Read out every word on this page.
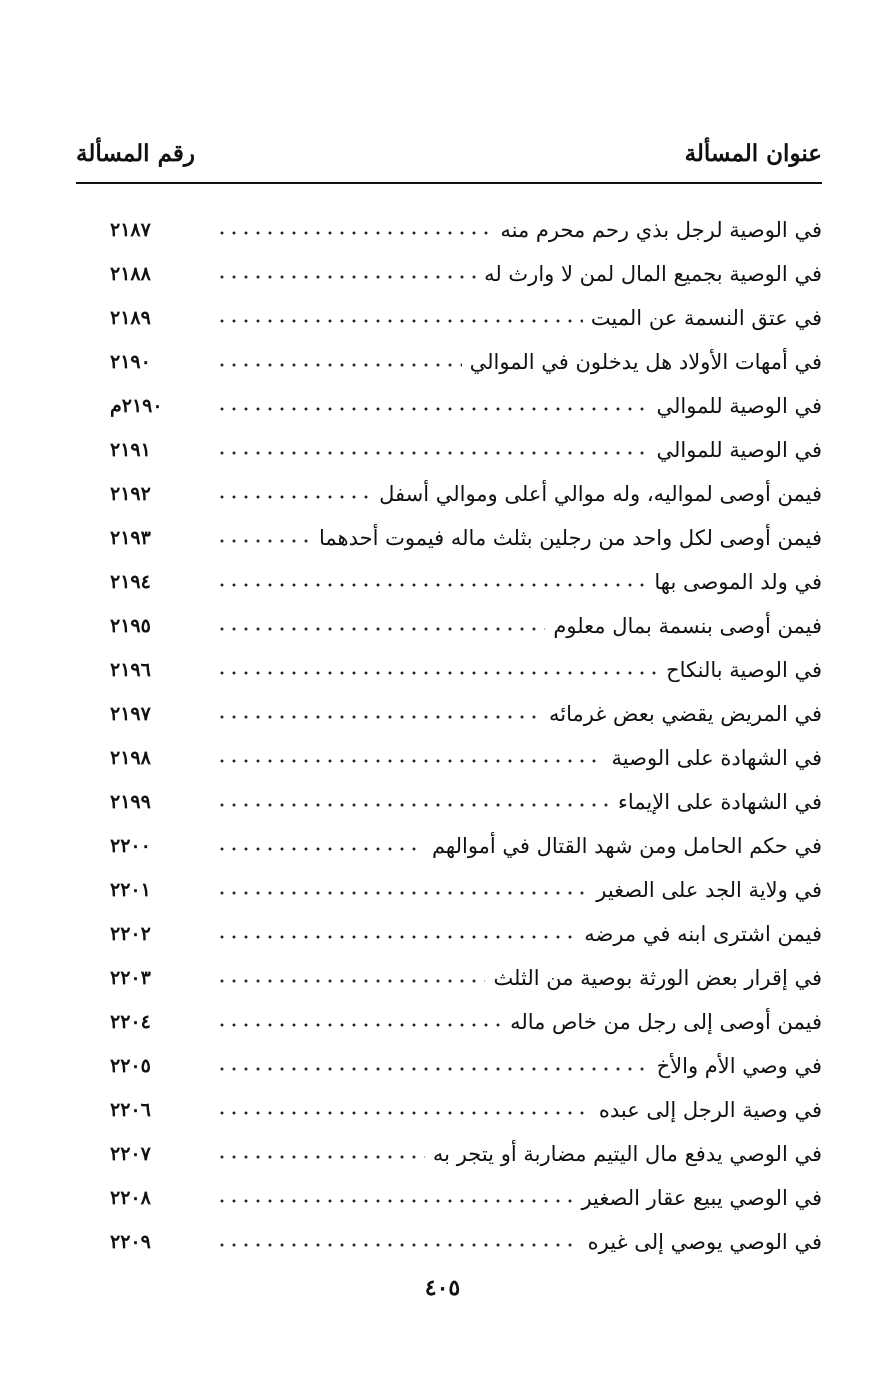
عنوان المسألة
رقم المسألة
في الوصية لرجل بذي رحم محرم منه
٢١٨٧
في الوصية بجميع المال لمن لا وارث له
٢١٨٨
في عتق النسمة عن الميت
٢١٨٩
في أمهات الأولاد هل يدخلون في الموالي
٢١٩٠
في الوصية للموالي
٢١٩٠م
في الوصية للموالي
٢١٩١
فيمن أوصى لمواليه، وله موالي أعلى وموالي أسفل
٢١٩٢
فيمن أوصى لكل واحد من رجلين بثلث ماله فيموت أحدهما
٢١٩٣
في ولد الموصى بها
٢١٩٤
فيمن أوصى بنسمة بمال معلوم
٢١٩٥
في الوصية بالنكاح
٢١٩٦
في المريض يقضي بعض غرمائه
٢١٩٧
في الشهادة على الوصية
٢١٩٨
في الشهادة على الإيماء
٢١٩٩
في حكم الحامل ومن شهد القتال في أموالهم
٢٢٠٠
في ولاية الجد على الصغير
٢٢٠١
فيمن اشترى ابنه في مرضه
٢٢٠٢
في إقرار بعض الورثة بوصية من الثلث
٢٢٠٣
فيمن أوصى إلى رجل من خاص ماله
٢٢٠٤
في وصي الأم والأخ
٢٢٠٥
في وصية الرجل إلى عبده
٢٢٠٦
في الوصي يدفع مال اليتيم مضاربة أو يتجر به
٢٢٠٧
في الوصي يبيع عقار الصغير
٢٢٠٨
في الوصي يوصي إلى غيره
٢٢٠٩
٤٠٥
